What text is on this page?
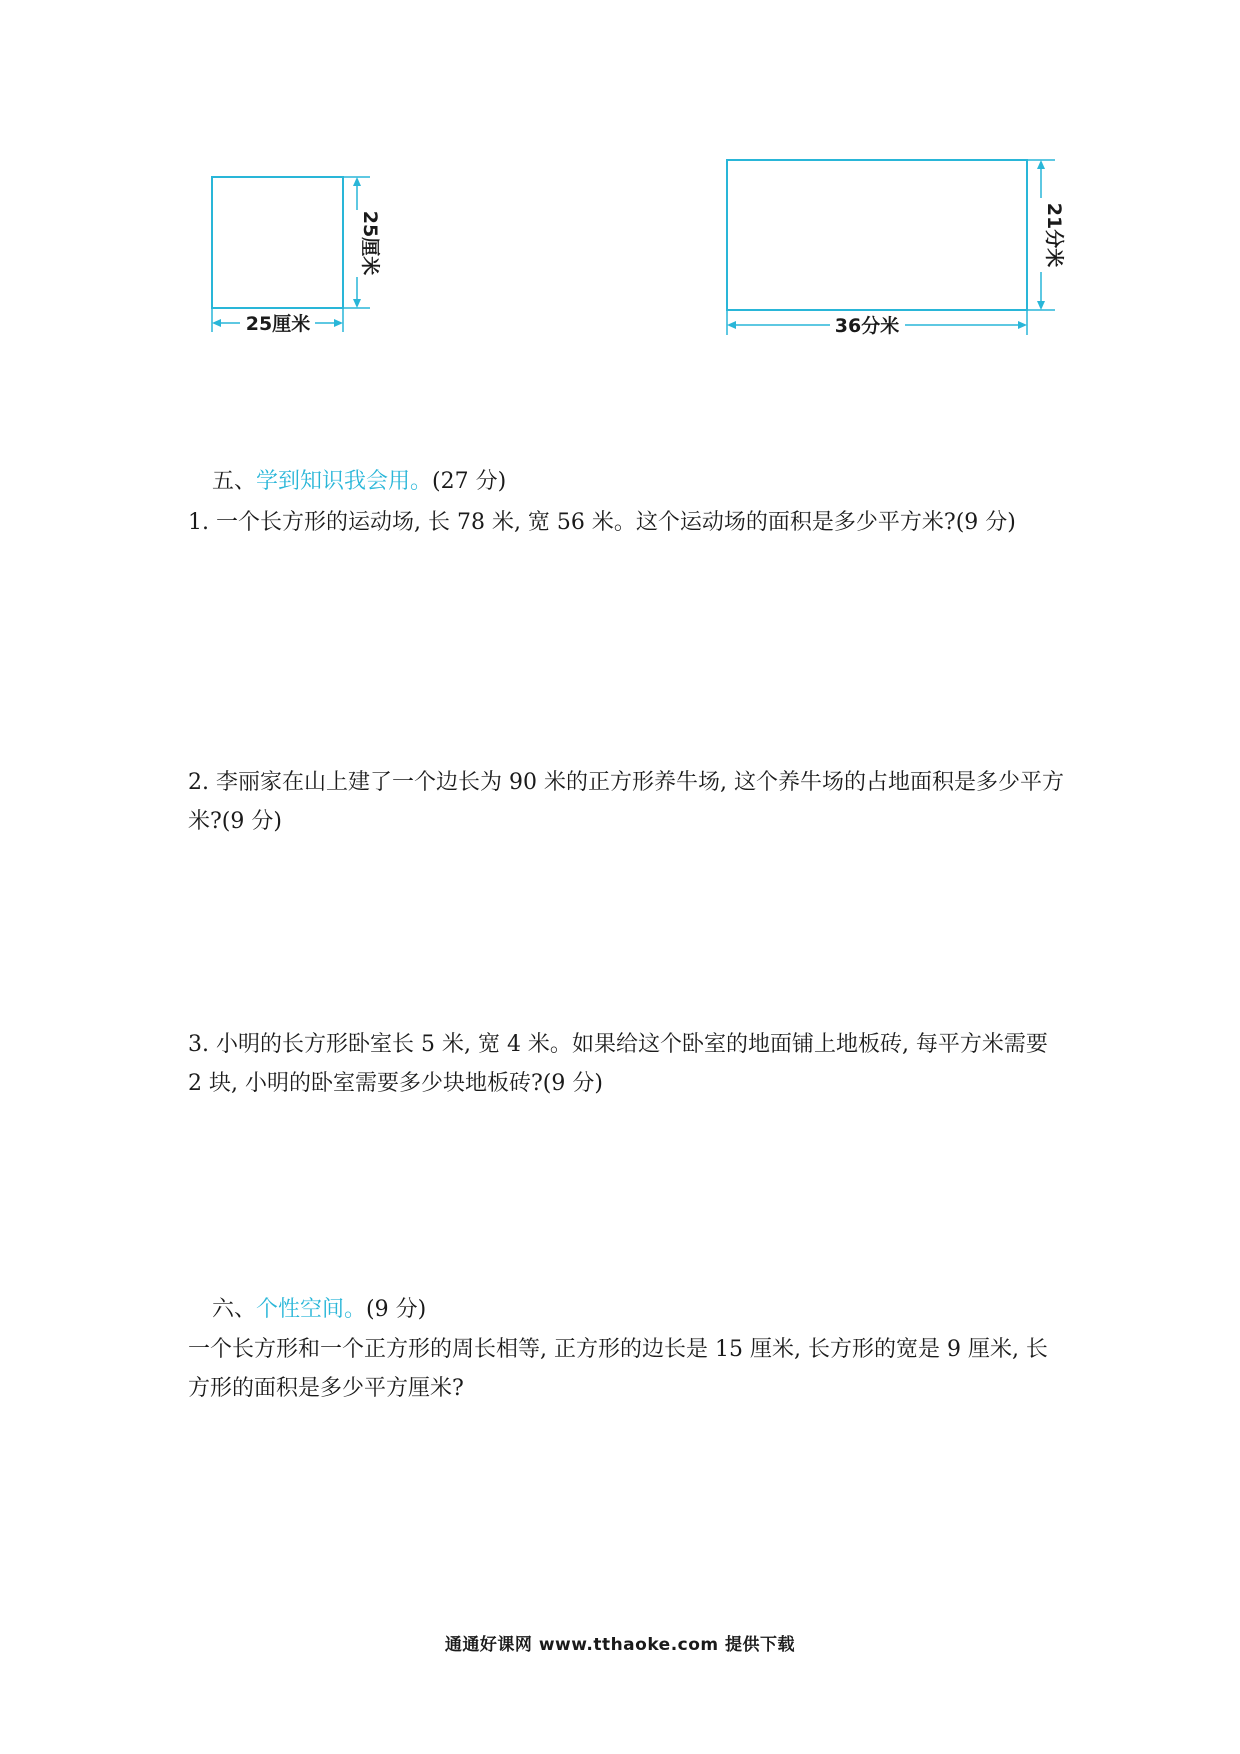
25厘米
25厘米
21分米
36分米
五、学到知识我会用。(27 分)
1. 一个长方形的运动场, 长 78 米, 宽 56 米。这个运动场的面积是多少平方米?(9 分)
2. 李丽家在山上建了一个边长为 90 米的正方形养牛场, 这个养牛场的占地面积是多少平方米?(9 分)
3. 小明的长方形卧室长 5 米, 宽 4 米。如果给这个卧室的地面铺上地板砖, 每平方米需要 2 块, 小明的卧室需要多少块地板砖?(9 分)
六、个性空间。(9 分)
一个长方形和一个正方形的周长相等, 正方形的边长是 15 厘米, 长方形的宽是 9 厘米, 长方形的面积是多少平方厘米?
通通好课网 www.tthaoke.com 提供下载
